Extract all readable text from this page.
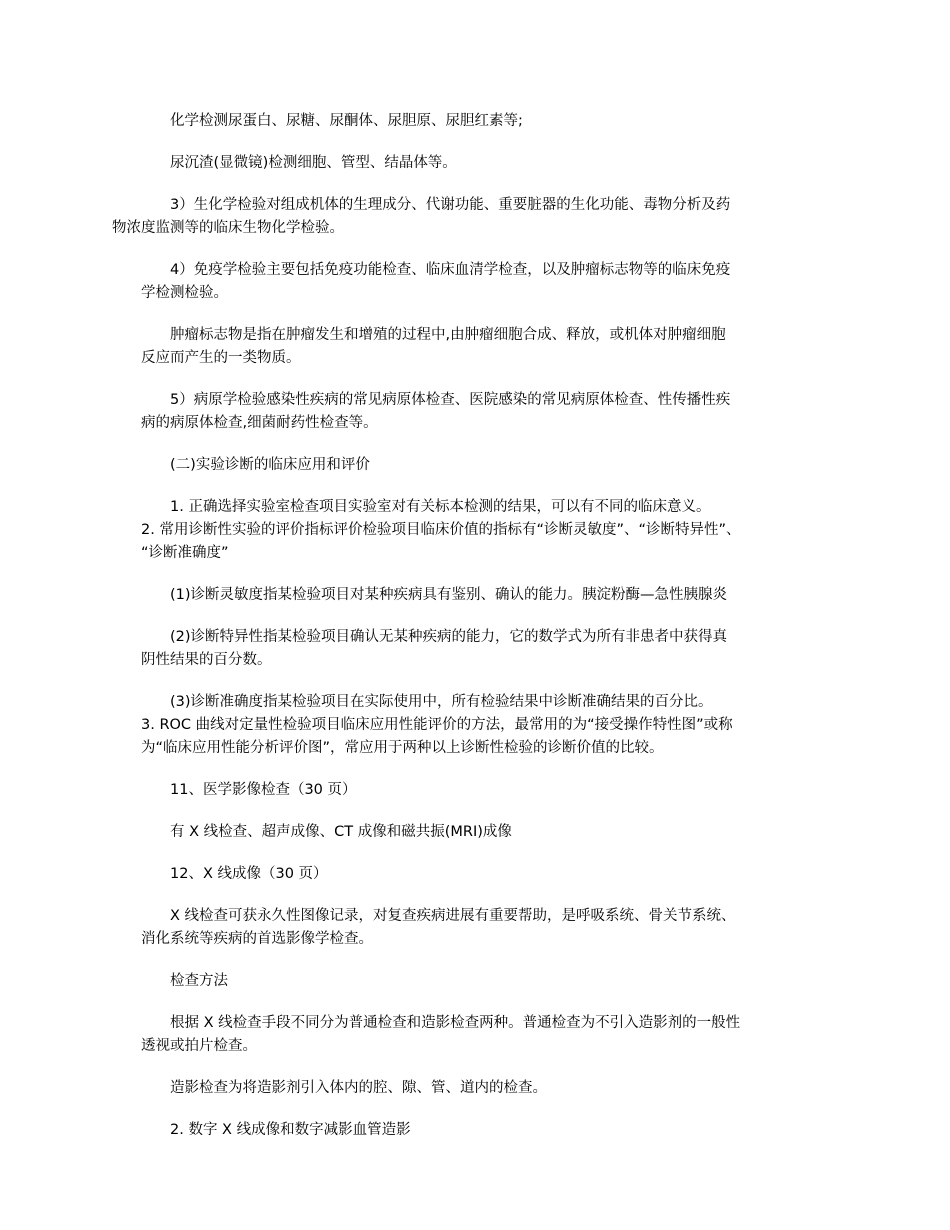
化学检测尿蛋白、尿糖、尿酮体、尿胆原、尿胆红素等;

尿沉渣(显微镜)检测细胞、管型、结晶体等。

3）生化学检验对组成机体的生理成分、代谢功能、重要脏器的生化功能、毒物分析及药
物浓度监测等的临床生物化学检验。

4）免疫学检验主要包括免疫功能检查、临床血清学检查，以及肿瘤标志物等的临床免疫
学检测检验。

肿瘤标志物是指在肿瘤发生和增殖的过程中,由肿瘤细胞合成、释放，或机体对肿瘤细胞
反应而产生的一类物质。

5）病原学检验感染性疾病的常见病原体检查、医院感染的常见病原体检查、性传播性疾
病的病原体检查,细菌耐药性检查等。

(二)实验诊断的临床应用和评价

1. 正确选择实验室检查项目实验室对有关标本检测的结果，可以有不同的临床意义。
2. 常用诊断性实验的评价指标评价检验项目临床价值的指标有“诊断灵敏度”、“诊断特异性”、
“诊断准确度”

(1)诊断灵敏度指某检验项目对某种疾病具有鉴别、确认的能力。胰淀粉酶—急性胰腺炎

(2)诊断特异性指某检验项目确认无某种疾病的能力，它的数学式为所有非患者中获得真
阴性结果的百分数。

(3)诊断准确度指某检验项目在实际使用中，所有检验结果中诊断准确结果的百分比。
3. ROC 曲线对定量性检验项目临床应用性能评价的方法，最常用的为“接受操作特性图”或称
为“临床应用性能分析评价图”，常应用于两种以上诊断性检验的诊断价值的比较。

11、医学影像检查（30 页）

有 X 线检查、超声成像、CT 成像和磁共振(MRI)成像

12、X 线成像（30 页）

X 线检查可获永久性图像记录，对复查疾病进展有重要帮助，是呼吸系统、骨关节系统、
消化系统等疾病的首选影像学检查。

检查方法

根据 X 线检查手段不同分为普通检查和造影检查两种。普通检查为不引入造影剂的一般性
透视或拍片检查。

造影检查为将造影剂引入体内的腔、隙、管、道内的检查。

2. 数字 X 线成像和数字减影血管造影
